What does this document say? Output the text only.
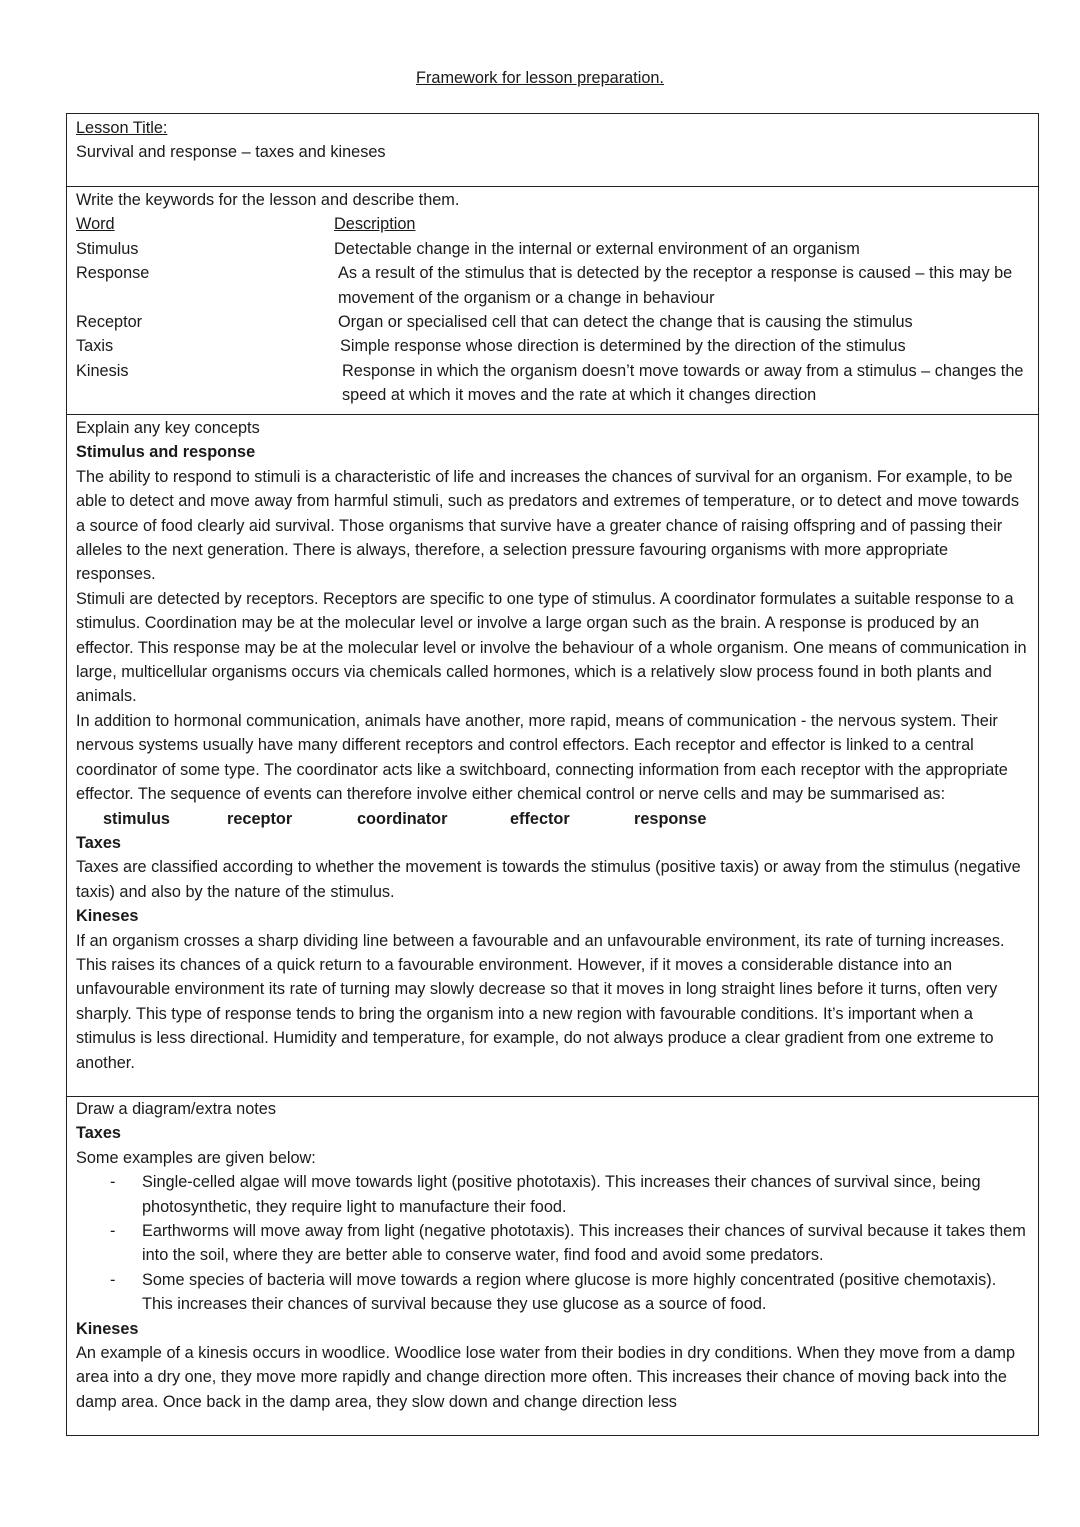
Framework for lesson preparation.
Lesson Title:
Survival and response – taxes and kineses
Write the keywords for the lesson and describe them.
Word	Description
Stimulus	Detectable change in the internal or external environment of an organism
Response	As a result of the stimulus that is detected by the receptor a response is caused – this may be movement of the organism or a change in behaviour
Receptor	Organ or specialised cell that can detect the change that is causing the stimulus
Taxis	Simple response whose direction is determined by the direction of the stimulus
Kinesis	Response in which the organism doesn’t move towards or away from a stimulus – changes the speed at which it moves and the rate at which it changes direction
Explain any key concepts
Stimulus and response

The ability to respond to stimuli is a characteristic of life and increases the chances of survival for an organism. For example, to be able to detect and move away from harmful stimuli, such as predators and extremes of temperature, or to detect and move towards a source of food clearly aid survival. Those organisms that survive have a greater chance of raising offspring and of passing their alleles to the next generation. There is always, therefore, a selection pressure favouring organisms with more appropriate responses.

Stimuli are detected by receptors. Receptors are specific to one type of stimulus. A coordinator formulates a suitable response to a stimulus. Coordination may be at the molecular level or involve a large organ such as the brain. A response is produced by an effector. This response may be at the molecular level or involve the behaviour of a whole organism. One means of communication in large, multicellular organisms occurs via chemicals called hormones, which is a relatively slow process found in both plants and animals.

In addition to hormonal communication, animals have another, more rapid, means of communication - the nervous system. Their nervous systems usually have many different receptors and control effectors. Each receptor and effector is linked to a central coordinator of some type. The coordinator acts like a switchboard, connecting information from each receptor with the appropriate effector. The sequence of events can therefore involve either chemical control or nerve cells and may be summarised as:

stimulus	receptor	coordinator	effector	response
Taxes

Taxes are classified according to whether the movement is towards the stimulus (positive taxis) or away from the stimulus (negative taxis) and also by the nature of the stimulus.

Kineses

If an organism crosses a sharp dividing line between a favourable and an unfavourable environment, its rate of turning increases. This raises its chances of a quick return to a favourable environment. However, if it moves a considerable distance into an unfavourable environment its rate of turning may slowly decrease so that it moves in long straight lines before it turns, often very sharply. This type of response tends to bring the organism into a new region with favourable conditions. It’s important when a stimulus is less directional. Humidity and temperature, for example, do not always produce a clear gradient from one extreme to another.

Draw a diagram/extra notes
Taxes
Some examples are given below:
- Single-celled algae will move towards light (positive phototaxis). This increases their chances of survival since, being photosynthetic, they require light to manufacture their food.
- Earthworms will move away from light (negative phototaxis). This increases their chances of survival because it takes them into the soil, where they are better able to conserve water, find food and avoid some predators.
- Some species of bacteria will move towards a region where glucose is more highly concentrated (positive chemotaxis). This increases their chances of survival because they use glucose as a source of food.
Kineses

An example of a kinesis occurs in woodlice. Woodlice lose water from their bodies in dry conditions. When they move from a damp area into a dry one, they move more rapidly and change direction more often. This increases their chance of moving back into the damp area. Once back in the damp area, they slow down and change direction less
